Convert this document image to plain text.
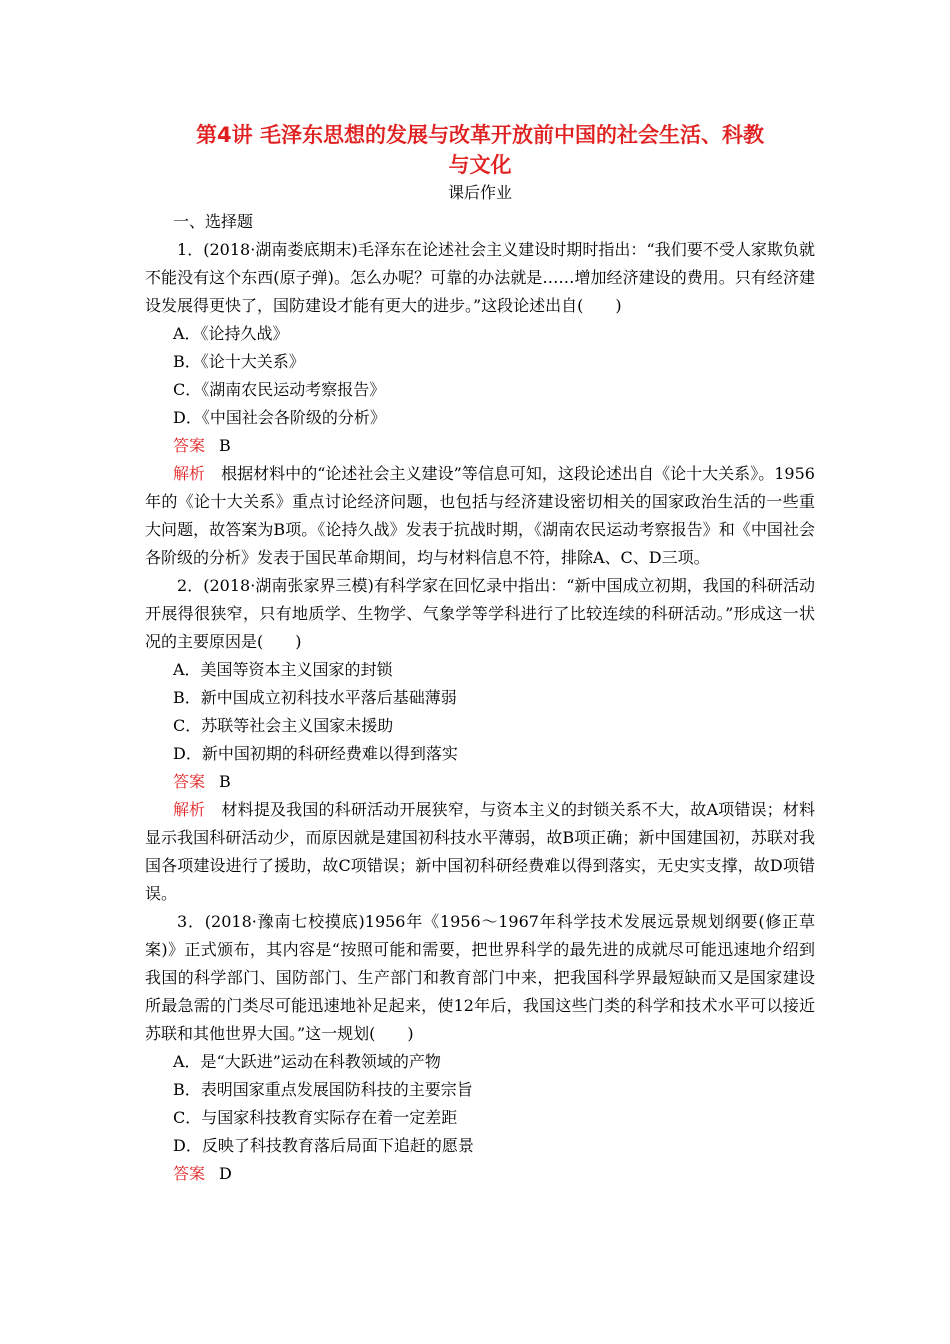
第4讲 毛泽东思想的发展与改革开放前中国的社会生活、科教

与文化

课后作业

一、选择题

1．(2018·湖南娄底期末)毛泽东在论述社会主义建设时期时指出：“我们要不受人家欺负就不能没有这个东西(原子弹)。怎么办呢？可靠的办法就是……增加经济建设的费用。只有经济建设发展得更快了，国防建设才能有更大的进步。”这段论述出自(　　)

A．《论持久战》

B．《论十大关系》

C．《湖南农民运动考察报告》

D．《中国社会各阶级的分析》

答案 B

解析　 根据材料中的“论述社会主义建设”等信息可知，这段论述出自《论十大关系》。1956年的《论十大关系》重点讨论经济问题，也包括与经济建设密切相关的国家政治生活的一些重大问题，故答案为B项。《论持久战》发表于抗战时期，《湖南农民运动考察报告》和《中国社会各阶级的分析》发表于国民革命期间，均与材料信息不符，排除A、C、D三项。

2．(2018·湖南张家界三模)有科学家在回忆录中指出：“新中国成立初期，我国的科研活动开展得很狭窄，只有地质学、生物学、气象学等学科进行了比较连续的科研活动。”形成这一状况的主要原因是(　　)

A．美国等资本主义国家的封锁

B．新中国成立初科技水平落后基础薄弱

C．苏联等社会主义国家未援助

D．新中国初期的科研经费难以得到落实

答案 B

解析　 材料提及我国的科研活动开展狭窄，与资本主义的封锁关系不大，故A项错误；材料显示我国科研活动少，而原因就是建国初科技水平薄弱，故B项正确；新中国建国初，苏联对我国各项建设进行了援助，故C项错误；新中国初科研经费难以得到落实，无史实支撑，故D项错误。

3．(2018·豫南七校摸底)1956年《1956～1967年科学技术发展远景规划纲要(修正草案)》正式颁布，其内容是“按照可能和需要，把世界科学的最先进的成就尽可能迅速地介绍到我国的科学部门、国防部门、生产部门和教育部门中来，把我国科学界最短缺而又是国家建设所最急需的门类尽可能迅速地补足起来，使12年后，我国这些门类的科学和技术水平可以接近苏联和其他世界大国。”这一规划(　　)

A．是“大跃进”运动在科教领域的产物

B．表明国家重点发展国防科技的主要宗旨

C．与国家科技教育实际存在着一定差距

D．反映了科技教育落后局面下追赶的愿景

答案 D
